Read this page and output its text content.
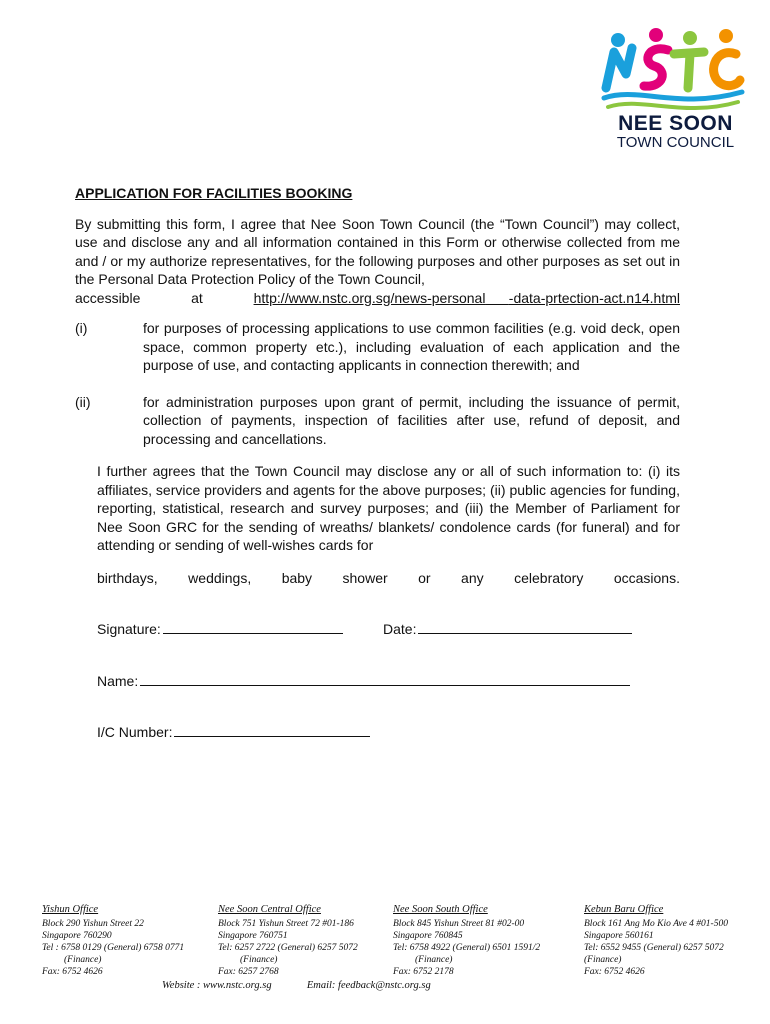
NEE SOON
TOWN COUNCIL

APPLICATION FOR FACILITIES BOOKING

By submitting this form, I agree that Nee Soon Town Council (the “Town Council”) may collect, use and disclose any and all information contained in this Form or otherwise collected from me and / or my authorize representatives, for the following purposes and other purposes as set out in the Personal Data Protection Policy of the Town Council,

accessible	at	http://www.nstc.org.sg/news-personal -data-prtection-act.n14.html
(i)	for purposes of processing applications to use common facilities (e.g. void deck, open space, common property etc.), including evaluation of each application and the purpose of use, and contacting applicants in connection therewith; and
(ii)	for administration purposes upon grant of permit, including the issuance of permit, collection of payments, inspection of facilities after use, refund of deposit, and processing and cancellations.

I further agrees that the Town Council may disclose any or all of such information to: (i) its affiliates, service providers and agents for the above purposes; (ii) public agencies for funding, reporting, statistical, research and survey purposes; and (iii) the Member of Parliament for Nee Soon GRC for the sending of wreaths/ blankets/ condolence cards (for funeral) and for attending or sending of well-wishes cards for

birthdays, weddings, baby shower or any celebratory occasions.
Signature:	Date:
Name:
I/C Number:
Yishun Office
Block 290 Yishun Street 22
Singapore 760290
Tel : 6758 0129 (General) 6758 0771
(Finance)
Fax: 6752 4626
Nee Soon Central Office
Block 751 Yishun Street 72 #01-186
Singapore 760751
Tel: 6257 2722 (General) 6257 5072
(Finance)
Fax: 6257 2768
Nee Soon South Office
Block 845 Yishun Street 81 #02-00
Singapore 760845
Tel: 6758 4922 (General) 6501 1591/2
(Finance)
Fax: 6752 2178
Kebun Baru Office
Block 161 Ang Mo Kio Ave 4 #01-500
Singapore 560161
Tel: 6552 9455 (General) 6257 5072
(Finance)
Fax: 6752 4626
Website : www.nstc.org.sg	Email: feedback@nstc.org.sg
